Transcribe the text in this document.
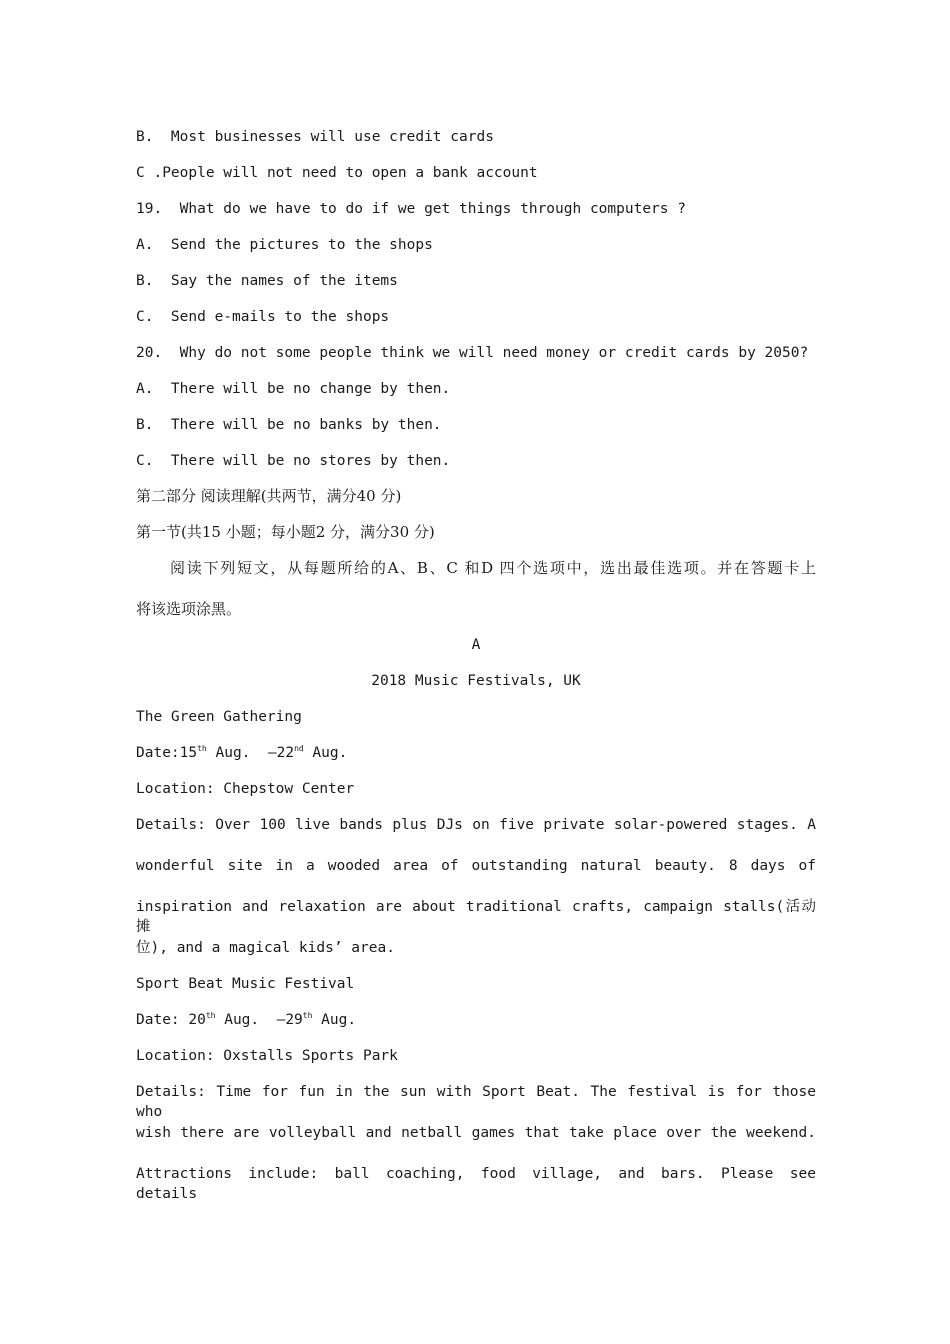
B.  Most businesses will use credit cards

C .People will not need to open a bank account

19.  What do we have to do if we get things through computers ?

A.  Send the pictures to the shops

B.  Say the names of the items

C.  Send e-mails to the shops

20.  Why do not some people think we will need money or credit cards by 2050?

A.  There will be no change by then.

B.  There will be no banks by then.

C.  There will be no stores by then.

第二部分 阅读理解(共两节，满分40 分)

第一节(共15 小题；每小题2 分，满分30 分)

阅读下列短文，从每题所给的A、B、C 和D 四个选项中，选出最佳选项。并在答题卡上

将该选项涂黑。

A

2018 Music Festivals, UK

The Green Gathering

Date:15th Aug.  —22nd Aug.

Location: Chepstow Center

Details: Over 100 live bands plus DJs on five private solar-powered stages. A

wonderful site in a wooded area of outstanding natural beauty. 8 days of

inspiration and relaxation are about traditional crafts, campaign stalls(活动摊

位), and a magical kids’ area.

Sport Beat Music Festival

Date: 20th Aug.  —29th Aug.

Location: Oxstalls Sports Park

Details: Time for fun in the sun with Sport Beat. The festival is for those who

wish there are volleyball and netball games that take place over the weekend.

Attractions include: ball coaching, food village, and bars. Please see details
